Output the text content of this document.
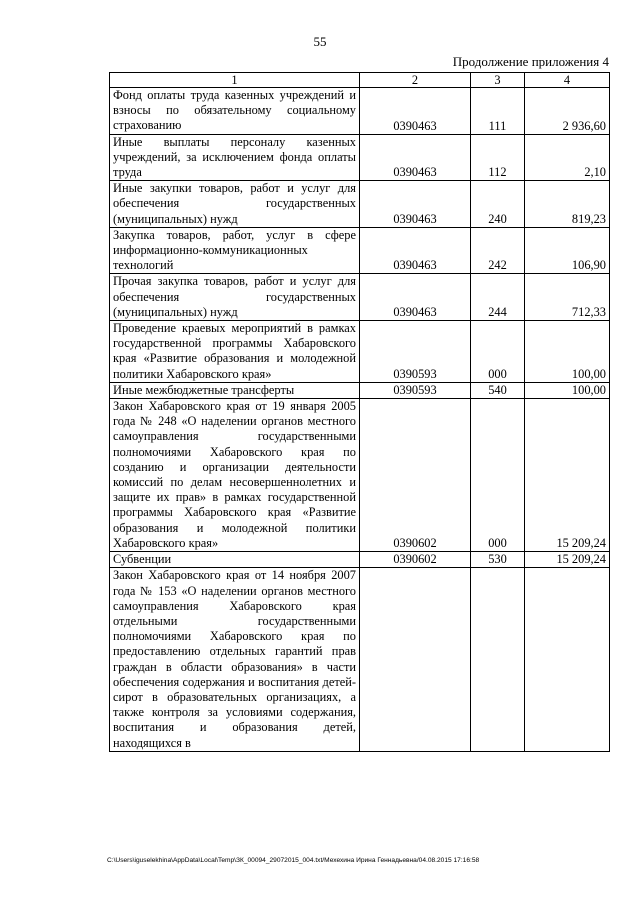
55
Продолжение приложения 4
1	2	3	4
Фонд оплаты труда казенных учреждений и взносы по обязательному социальному страхованию	0390463	111	2 936,60
Иные выплаты персоналу казенных учреждений, за исключением фонда оплаты труда	0390463	112	2,10
Иные закупки товаров, работ и услуг для обеспечения государственных (муниципальных) нужд	0390463	240	819,23
Закупка товаров, работ, услуг в сфере информационно-коммуникационных технологий	0390463	242	106,90
Прочая закупка товаров, работ и услуг для обеспечения государственных (муниципальных) нужд	0390463	244	712,33
Проведение краевых мероприятий в рамках государственной программы Хабаровского края «Развитие образования и молодежной политики Хабаровского края»	0390593	000	100,00
Иные межбюджетные трансферты	0390593	540	100,00
Закон Хабаровского края от 19 января 2005 года № 248 «О наделении органов местного самоуправления государственными полномочиями Хабаровского края по созданию и организации деятельности комиссий по делам несовершеннолетних и защите их прав» в рамках государственной программы Хабаровского края «Развитие образования и молодежной политики Хабаровского края»	0390602	000	15 209,24
Субвенции	0390602	530	15 209,24
Закон Хабаровского края от 14 ноября 2007 года № 153 «О наделении органов местного самоуправления Хабаровского края отдельными государственными полномочиями Хабаровского края по предоставлению отдельных гарантий прав граждан в области образования» в части обеспечения содержания и воспитания детей-сирот в образовательных организациях, а также контроля за условиями содержания, воспитания и образования детей, находящихся в			
C:\Users\iguselekhina\AppData\Local\Temp\ЗК_00094_29072015_004.txt/Мехехина Ирина Геннадьевна/04.08.2015 17:16:58
